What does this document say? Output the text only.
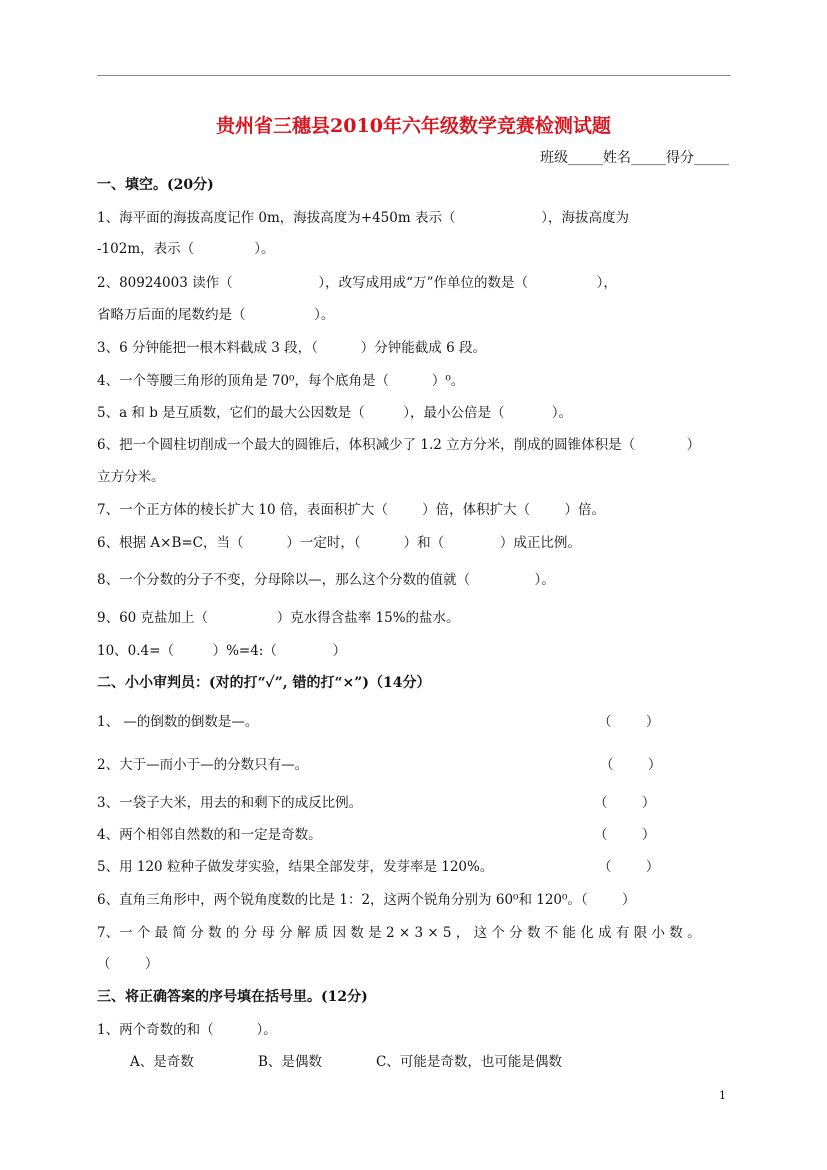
贵州省三穗县2010年六年级数学竞赛检测试题
班级_____姓名_____得分_____
一、填空。(20分)
1、海平面的海拔高度记作 0m，海拔高度为+450m 表示（                    ），海拔高度为
-102m，表示（              ）。
2、80924003 读作（                    ），改写成用成“万”作单位的数是（                ），
省略万后面的尾数约是（                ）。
3、6 分钟能把一根木料截成 3 段，（          ）分钟能截成 6 段。
4、一个等腰三角形的顶角是 70⁰，每个底角是（          ）⁰。
5、a 和 b 是互质数，它们的最大公因数是（         ），最小公倍是（           ）。
6、把一个圆柱切削成一个最大的圆锥后，体积减少了 1.2 立方分米，削成的圆锥体积是（            ）
立方分米。
7、一个正方体的棱长扩大 10 倍，表面积扩大（        ）倍，体积扩大（        ）倍。
6、根据 A×B=C，当（          ）一定时，（          ）和（             ）成正比例。
8、一个分数的分子不变，分母除以—，那么这个分数的值就（               ）。
9、60 克盐加上（                ）克水得含盐率 15%的盐水。
10、0.4=（         ）%=4:（             ）
二、小小审判员：(对的打“✓”, 错的打“×”)（14分）
1、 —的倒数的倒数是—。	（        ）
2、大于—而小于—的分数只有—。	（        ）
3、一袋子大米，用去的和剩下的成反比例。	（        ）
4、两个相邻自然数的和一定是奇数。	（        ）
5、用 120 粒种子做发芽实验，结果全部发芽，发芽率是 120%。	（        ）
6、直角三角形中，两个锐角度数的比是 1：2，这两个锐角分别为 60⁰和 120⁰。（        ）
7、一 个 最 简 分 数 的 分 母 分 解 质 因 数 是 2 × 3 × 5 ， 这 个 分 数 不 能 化 成 有 限 小 数 。
（        ）
三、将正确答案的序号填在括号里。(12分)
1、两个奇数的和（          ）。
A、是奇数	B、是偶数	C、可能是奇数，也可能是偶数
1
